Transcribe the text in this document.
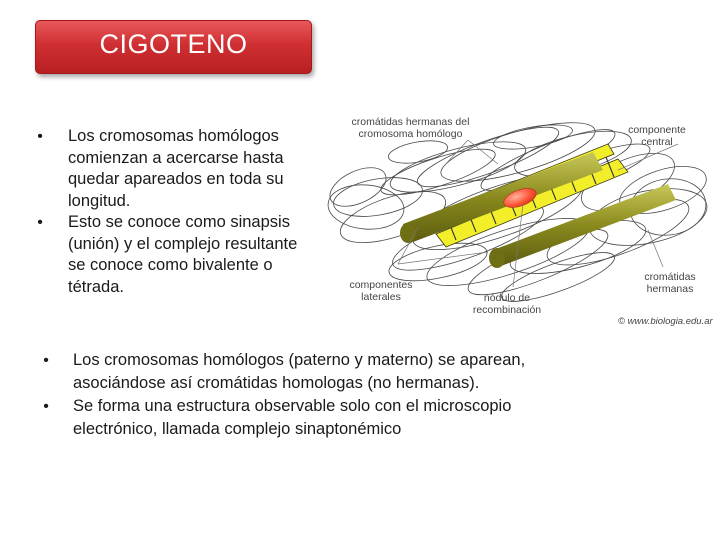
CIGOTENO
•	Los cromosomas homólogos comienzan a acercarse hasta quedar apareados en toda su longitud.
•	Esto se conoce como sinapsis (unión) y el complejo resultante se conoce como bivalente o tétrada.
cromátidas hermanas del cromosoma homólogo	componente central
componentes laterales	nódulo de recombinación
cromátidas hermanas
© www.biologia.edu.ar
•	Los cromosomas homólogos (paterno y materno) se aparean, asociándose así cromátidas homologas (no hermanas).
•	Se forma una estructura observable solo con el microscopio electrónico, llamada complejo sinaptonémico
